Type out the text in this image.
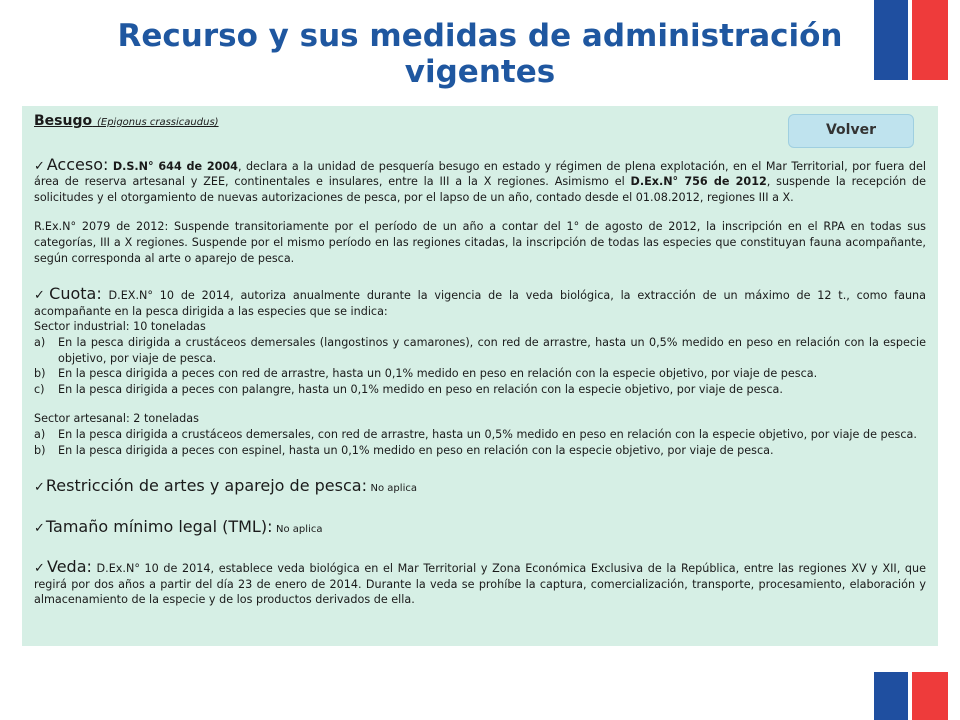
Recurso y sus medidas de administración vigentes
Volver
Besugo (Epigonus crassicaudus)
✓Acceso: D.S.N° 644 de 2004, declara a la unidad de pesquería besugo en estado y régimen de plena explotación, en el Mar Territorial, por fuera del área de reserva artesanal y ZEE, continentales e insulares, entre la III a la X regiones. Asimismo el D.Ex.N° 756 de 2012, suspende la recepción de solicitudes y el otorgamiento de nuevas autorizaciones de pesca, por el lapso de un año, contado desde el 01.08.2012, regiones III a X.
R.Ex.N° 2079 de 2012: Suspende transitoriamente por el período de un año a contar del 1° de agosto de 2012, la inscripción en el RPA en todas sus categorías, III a X regiones. Suspende por el mismo período en las regiones citadas, la inscripción de todas las especies que constituyan fauna acompañante, según corresponda al arte o aparejo de pesca.
✓Cuota: D.EX.N° 10 de 2014, autoriza anualmente durante la vigencia de la veda biológica, la extracción de un máximo de 12 t., como fauna acompañante en la pesca dirigida a las especies que se indica:
Sector industrial: 10 toneladas
a)	En la pesca dirigida a crustáceos demersales (langostinos y camarones), con red de arrastre, hasta un 0,5% medido en peso en relación con la especie objetivo, por viaje de pesca.
b)	En la pesca dirigida a peces con red de arrastre, hasta un 0,1% medido en peso en relación con la especie objetivo, por viaje de pesca.
c)	En la pesca dirigida a peces con palangre, hasta un 0,1% medido en peso en relación con la especie objetivo, por viaje de pesca.
Sector artesanal: 2 toneladas
a)	En la pesca dirigida a crustáceos demersales, con red de arrastre, hasta un 0,5% medido en peso en relación con la especie objetivo, por viaje de pesca.
b)	En la pesca dirigida a peces con espinel, hasta un 0,1% medido en peso en relación con la especie objetivo, por viaje de pesca.
✓Restricción de artes y aparejo de pesca: No aplica
✓Tamaño mínimo legal (TML): No aplica
✓Veda: D.Ex.N° 10 de 2014, establece veda biológica en el Mar Territorial y Zona Económica Exclusiva de la República, entre las regiones XV y XII, que regirá por dos años a partir del día 23 de enero de 2014. Durante la veda se prohíbe la captura, comercialización, transporte, procesamiento, elaboración y almacenamiento de la especie y de los productos derivados de ella.
